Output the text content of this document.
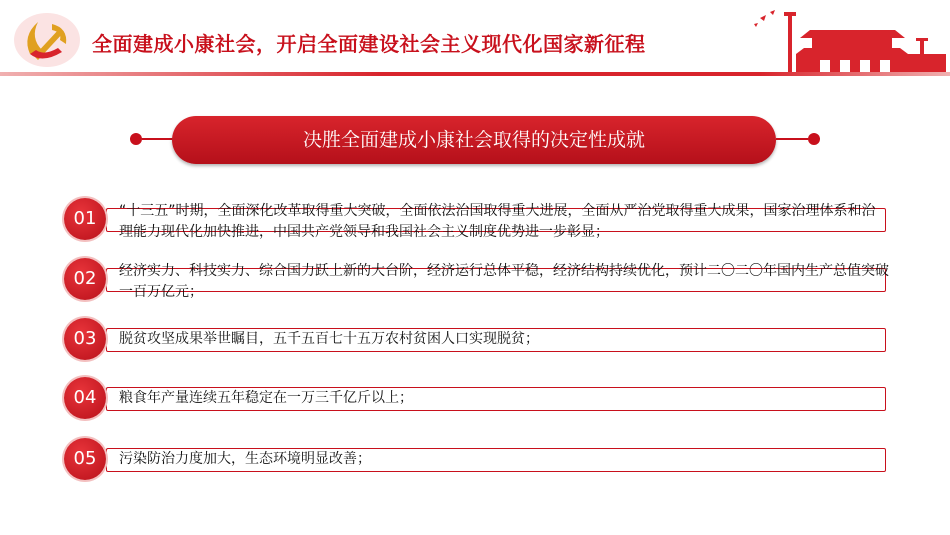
全面建成小康社会，开启全面建设社会主义现代化国家新征程
决胜全面建成小康社会取得的决定性成就
01	“十三五”时期，全面深化改革取得重大突破，全面依法治国取得重大进展，全面从严治党取得重大成果，国家治理体系和治理能力现代化加快推进，中国共产党领导和我国社会主义制度优势进一步彰显；
02	经济实力、科技实力、综合国力跃上新的大台阶，经济运行总体平稳，经济结构持续优化，预计二〇二〇年国内生产总值突破一百万亿元；
03	脱贫攻坚成果举世瞩目，五千五百七十五万农村贫困人口实现脱贫；
04	粮食年产量连续五年稳定在一万三千亿斤以上；
05	污染防治力度加大，生态环境明显改善；
